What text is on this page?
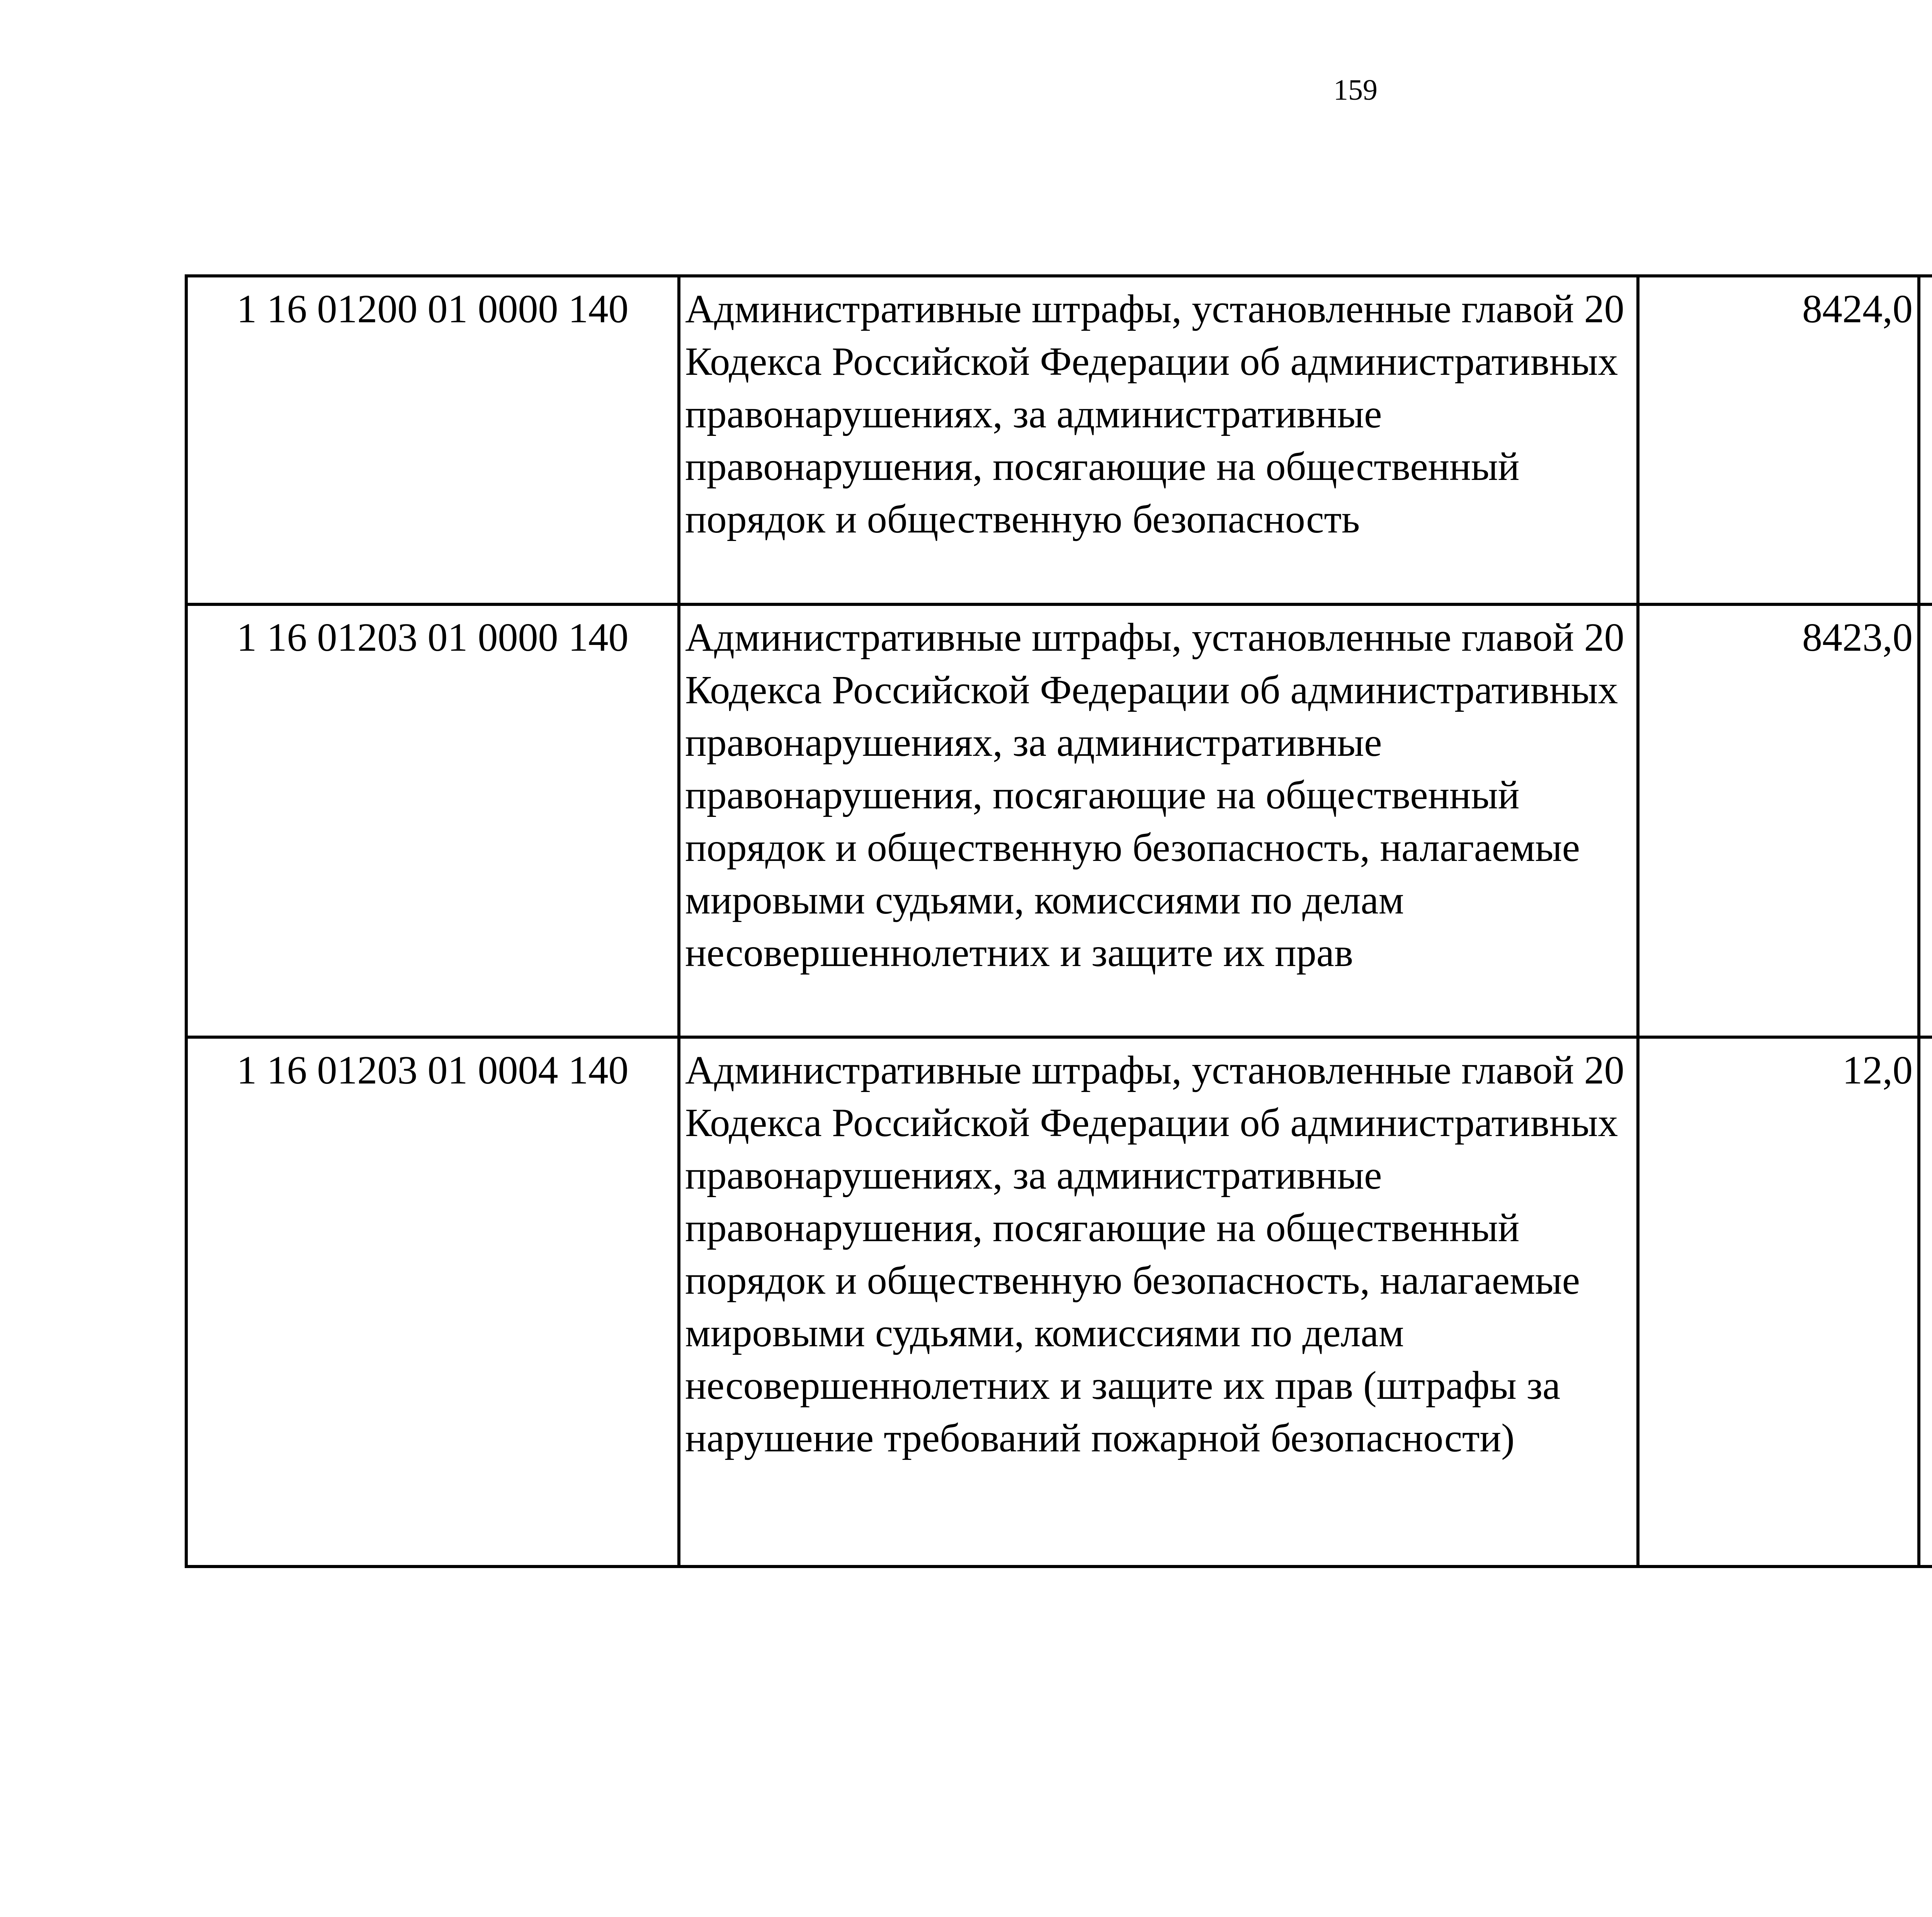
159
1 16 01200 01 0000 140	Административные штрафы, установленные главой 20 Кодекса Российской Федерации об административных правонарушениях, за административные правонарушения, посягающие на общественный порядок и общественную безопасность	8424,0		
1 16 01203 01 0000 140	Административные штрафы, установленные главой 20 Кодекса Российской Федерации об административных правонарушениях, за административные правонарушения, посягающие на общественный порядок и общественную безопасность, налагаемые мировыми судьями, комиссиями по делам несовершеннолетних и защите их прав	8423,0		
1 16 01203 01 0004 140	Административные штрафы, установленные главой 20 Кодекса Российской Федерации об административных правонарушениях, за административные правонарушения, посягающие на общественный порядок и общественную безопасность, налагаемые мировыми судьями, комиссиями по делам несовершеннолетних и защите их прав (штрафы за нарушение требований пожарной безопасности)	12,0		
